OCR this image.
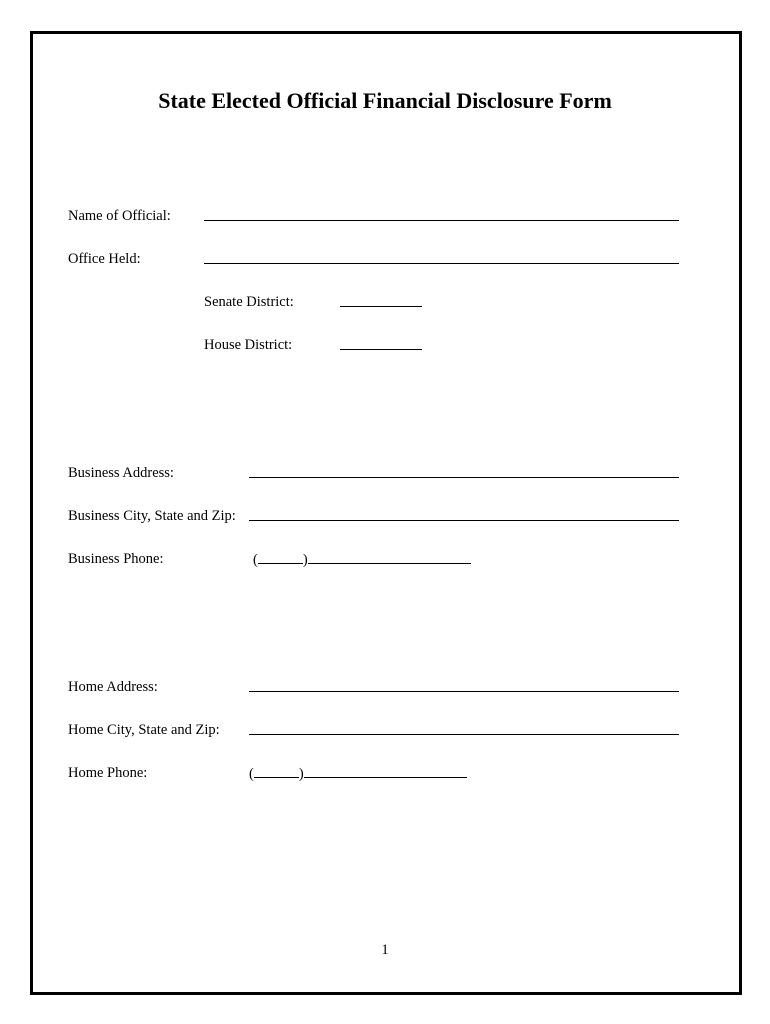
State Elected Official Financial Disclosure Form
Name of Official:
Office Held:
Senate District:
House District:
Business Address:
Business City, State and Zip:
Business Phone:	(	)
Home Address:
Home City, State and Zip:
Home Phone:	(	)
1
